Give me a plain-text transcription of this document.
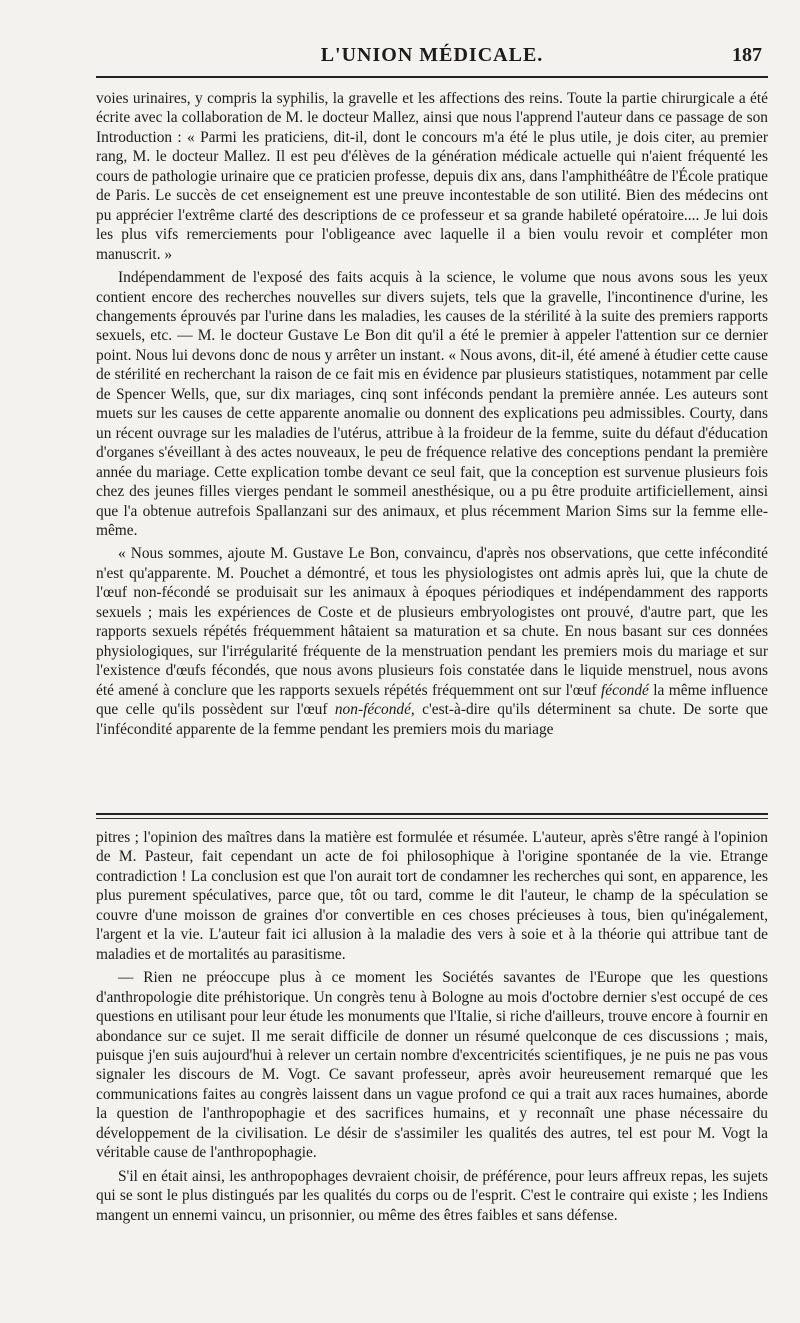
L'UNION MÉDICALE.	187

voies urinaires, y compris la syphilis, la gravelle et les affections des reins. Toute la partie chirurgicale a été écrite avec la collaboration de M. le docteur Mallez, ainsi que nous l'apprend l'auteur dans ce passage de son Introduction : « Parmi les praticiens, dit-il, dont le concours m'a été le plus utile, je dois citer, au premier rang, M. le docteur Mallez. Il est peu d'élèves de la génération médicale actuelle qui n'aient fréquenté les cours de pathologie urinaire que ce praticien professe, depuis dix ans, dans l'amphithéâtre de l'École pratique de Paris. Le succès de cet enseignement est une preuve incontestable de son utilité. Bien des médecins ont pu apprécier l'extrême clarté des descriptions de ce professeur et sa grande habileté opératoire.... Je lui dois les plus vifs remerciements pour l'obligeance avec laquelle il a bien voulu revoir et compléter mon manuscrit. »

Indépendamment de l'exposé des faits acquis à la science, le volume que nous avons sous les yeux contient encore des recherches nouvelles sur divers sujets, tels que la gravelle, l'incontinence d'urine, les changements éprouvés par l'urine dans les maladies, les causes de la stérilité à la suite des premiers rapports sexuels, etc. — M. le docteur Gustave Le Bon dit qu'il a été le premier à appeler l'attention sur ce dernier point. Nous lui devons donc de nous y arrêter un instant. « Nous avons, dit-il, été amené à étudier cette cause de stérilité en recherchant la raison de ce fait mis en évidence par plusieurs statistiques, notamment par celle de Spencer Wells, que, sur dix mariages, cinq sont inféconds pendant la première année. Les auteurs sont muets sur les causes de cette apparente anomalie ou donnent des explications peu admissibles. Courty, dans un récent ouvrage sur les maladies de l'utérus, attribue à la froideur de la femme, suite du défaut d'éducation d'organes s'éveillant à des actes nouveaux, le peu de fréquence relative des conceptions pendant la première année du mariage. Cette explication tombe devant ce seul fait, que la conception est survenue plusieurs fois chez des jeunes filles vierges pendant le sommeil anesthésique, ou a pu être produite artificiellement, ainsi que l'a obtenue autrefois Spallanzani sur des animaux, et plus récemment Marion Sims sur la femme elle-même.

« Nous sommes, ajoute M. Gustave Le Bon, convaincu, d'après nos observations, que cette infécondité n'est qu'apparente. M. Pouchet a démontré, et tous les physiologistes ont admis après lui, que la chute de l'œuf non-fécondé se produisait sur les animaux à époques périodiques et indépendamment des rapports sexuels ; mais les expériences de Coste et de plusieurs embryologistes ont prouvé, d'autre part, que les rapports sexuels répétés fréquemment hâtaient sa maturation et sa chute. En nous basant sur ces données physiologiques, sur l'irrégularité fréquente de la menstruation pendant les premiers mois du mariage et sur l'existence d'œufs fécondés, que nous avons plusieurs fois constatée dans le liquide menstruel, nous avons été amené à conclure que les rapports sexuels répétés fréquemment ont sur l'œuf fécondé la même influence que celle qu'ils possèdent sur l'œuf non-fécondé, c'est-à-dire qu'ils déterminent sa chute. De sorte que l'infécondité apparente de la femme pendant les premiers mois du mariage

pitres ; l'opinion des maîtres dans la matière est formulée et résumée. L'auteur, après s'être rangé à l'opinion de M. Pasteur, fait cependant un acte de foi philosophique à l'origine spontanée de la vie. Etrange contradiction ! La conclusion est que l'on aurait tort de condamner les recherches qui sont, en apparence, les plus purement spéculatives, parce que, tôt ou tard, comme le dit l'auteur, le champ de la spéculation se couvre d'une moisson de graines d'or convertible en ces choses précieuses à tous, bien qu'inégalement, l'argent et la vie. L'auteur fait ici allusion à la maladie des vers à soie et à la théorie qui attribue tant de maladies et de mortalités au parasitisme.

— Rien ne préoccupe plus à ce moment les Sociétés savantes de l'Europe que les questions d'anthropologie dite préhistorique. Un congrès tenu à Bologne au mois d'octobre dernier s'est occupé de ces questions en utilisant pour leur étude les monuments que l'Italie, si riche d'ailleurs, trouve encore à fournir en abondance sur ce sujet. Il me serait difficile de donner un résumé quelconque de ces discussions ; mais, puisque j'en suis aujourd'hui à relever un certain nombre d'excentricités scientifiques, je ne puis ne pas vous signaler les discours de M. Vogt. Ce savant professeur, après avoir heureusement remarqué que les communications faites au congrès laissent dans un vague profond ce qui a trait aux races humaines, aborde la question de l'anthropophagie et des sacrifices humains, et y reconnaît une phase nécessaire du développement de la civilisation. Le désir de s'assimiler les qualités des autres, tel est pour M. Vogt la véritable cause de l'anthropophagie.

S'il en était ainsi, les anthropophages devraient choisir, de préférence, pour leurs affreux repas, les sujets qui se sont le plus distingués par les qualités du corps ou de l'esprit. C'est le contraire qui existe ; les Indiens mangent un ennemi vaincu, un prisonnier, ou même des êtres faibles et sans défense.
